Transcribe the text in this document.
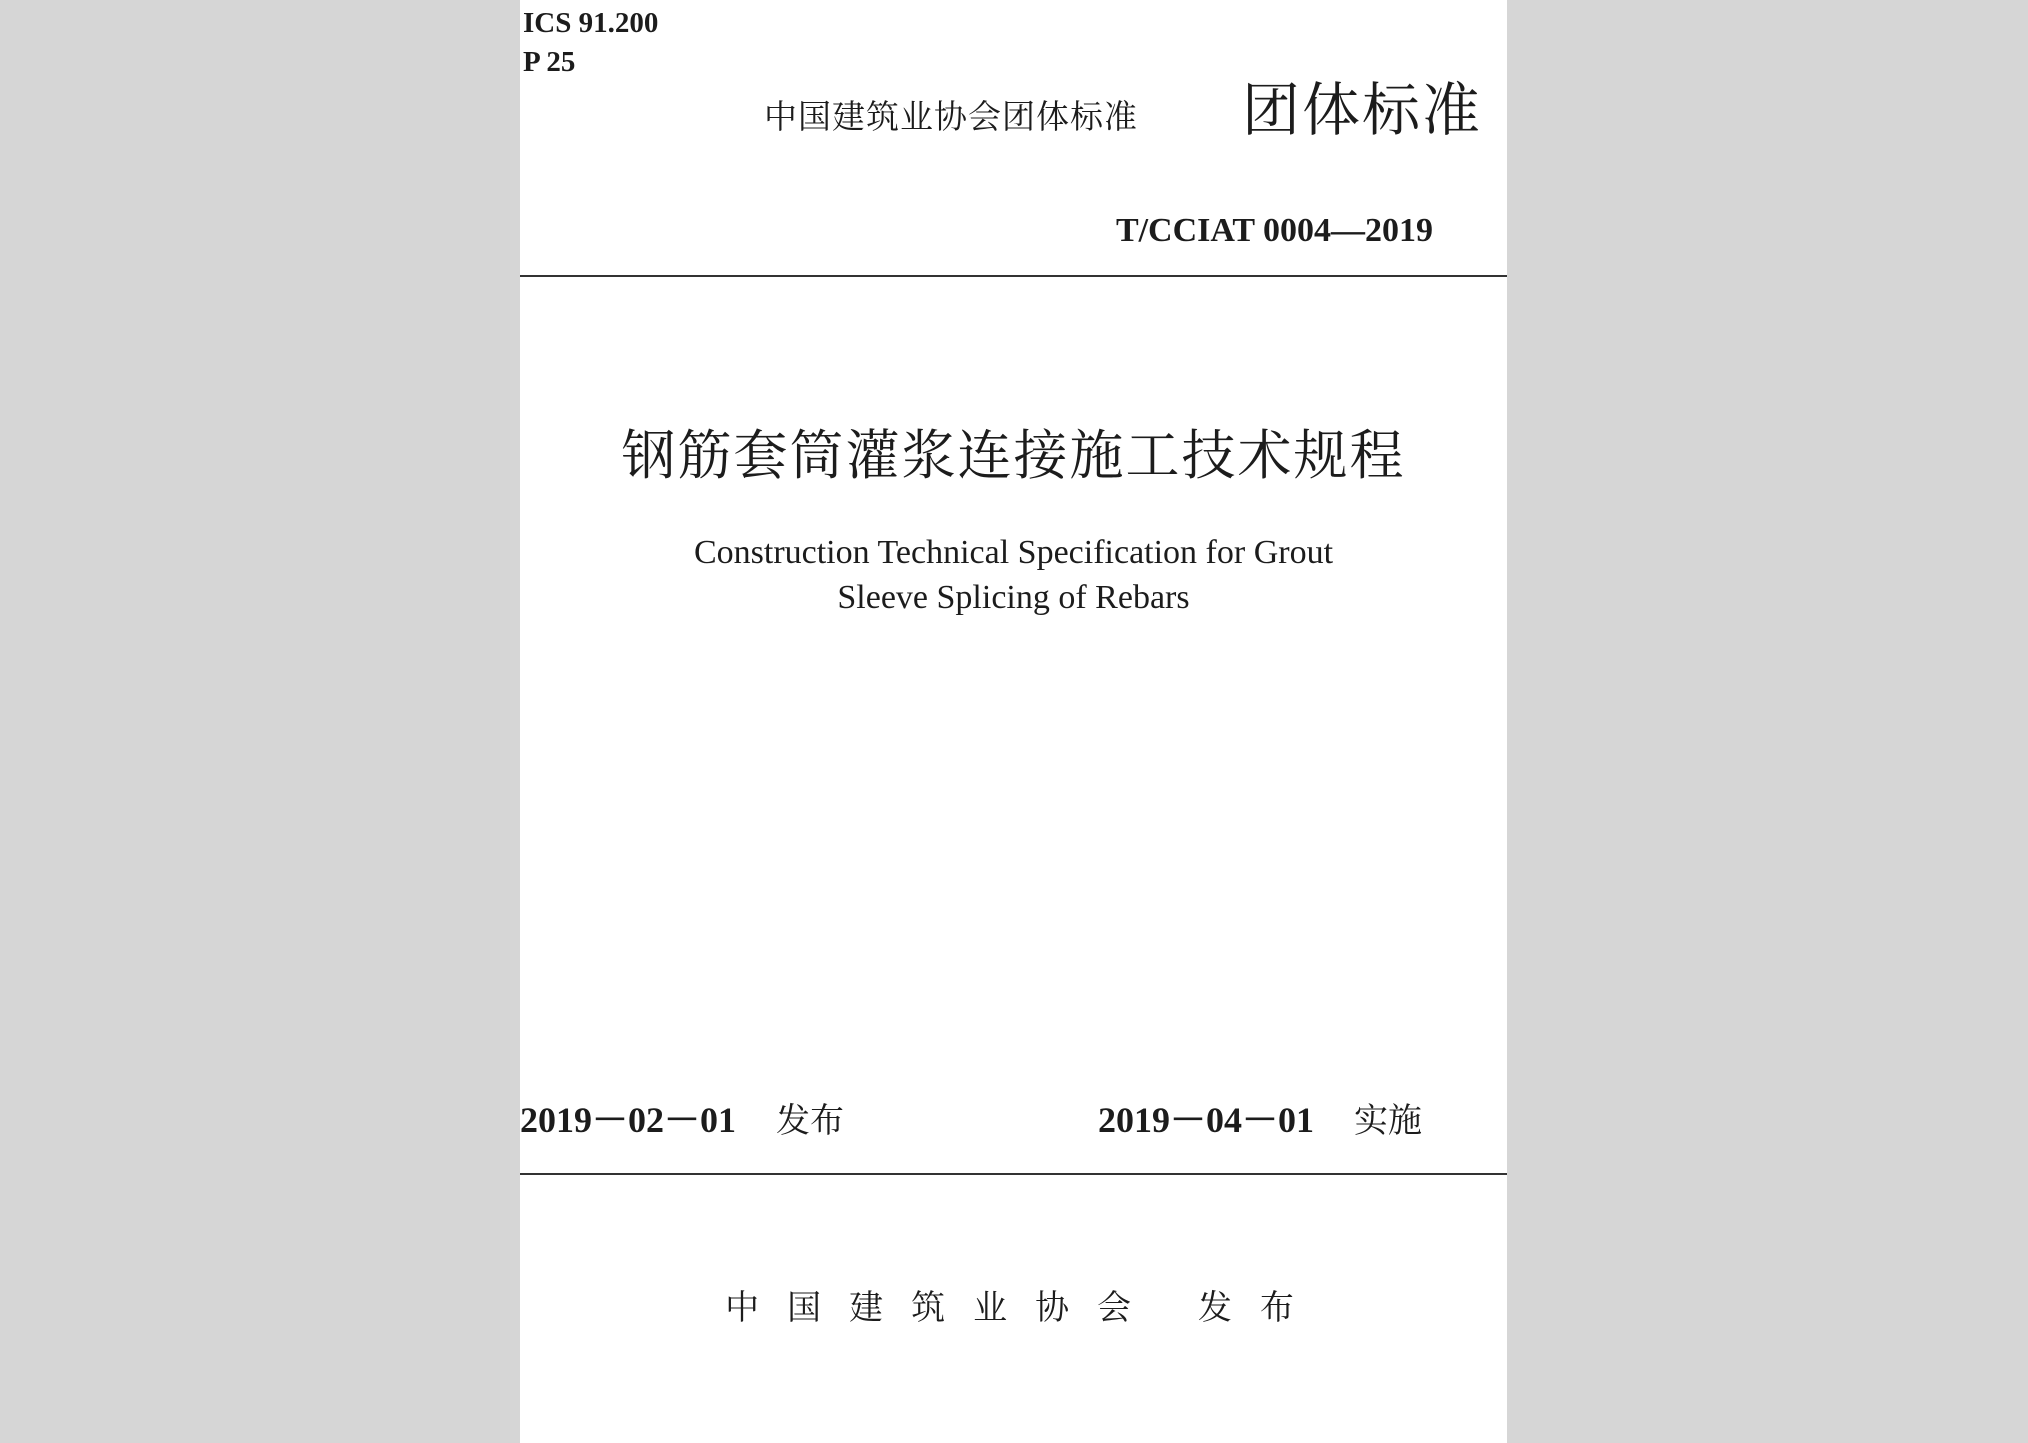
ICS 91.200
P 25
中国建筑业协会团体标准	团体标准
T/CCIAT 0004—2019
钢筋套筒灌浆连接施工技术规程
Construction Technical Specification for Grout
Sleeve Splicing of Rebars
2019－02－01 发布	2019－04－01 实施
中国建筑业协会 发布
